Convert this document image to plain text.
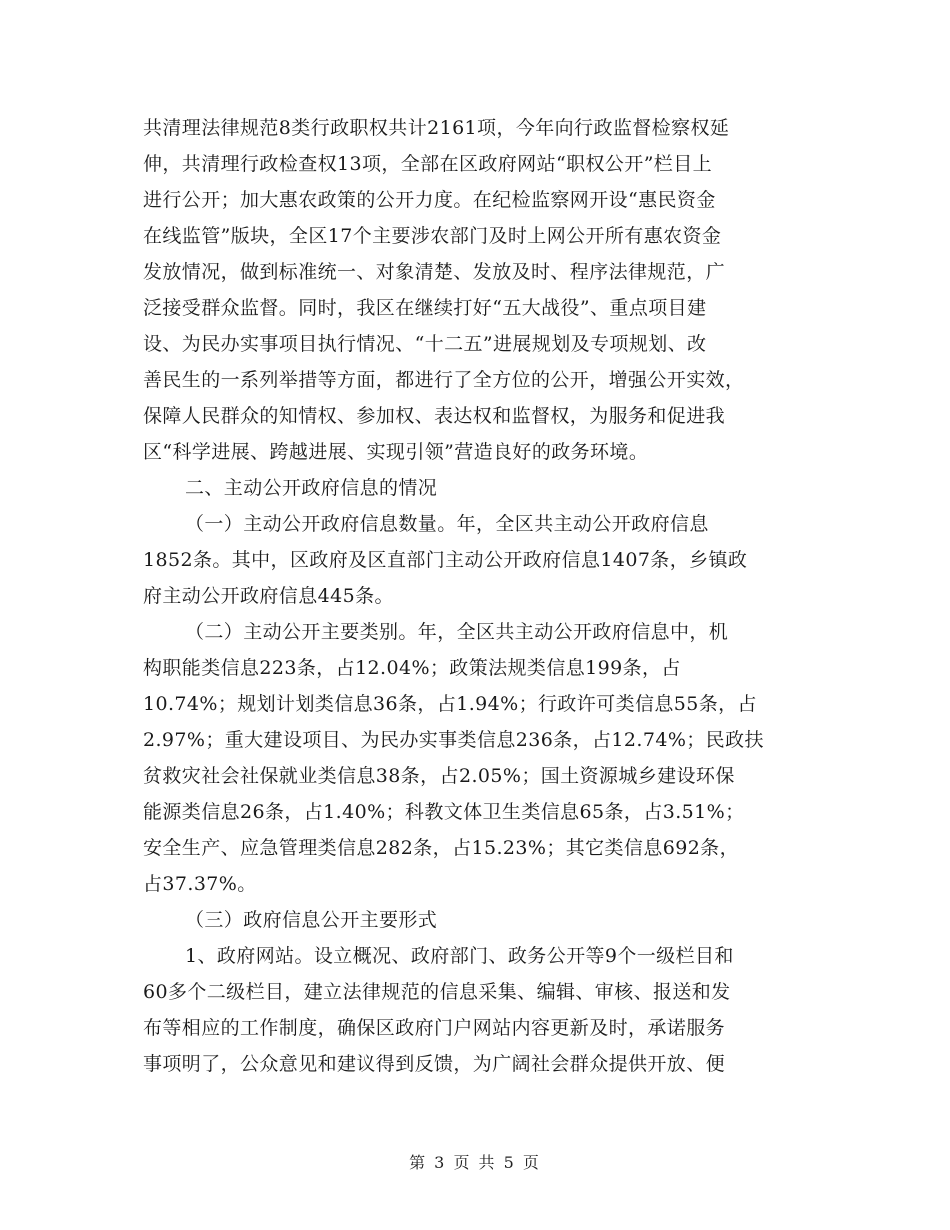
共清理法律规范8类行政职权共计2161项，今年向行政监督检察权延
伸，共清理行政检查权13项，全部在区政府网站“职权公开”栏目上
进行公开；加大惠农政策的公开力度。在纪检监察网开设“惠民资金
在线监管”版块，全区17个主要涉农部门及时上网公开所有惠农资金
发放情况，做到标准统一、对象清楚、发放及时、程序法律规范，广
泛接受群众监督。同时，我区在继续打好“五大战役”、重点项目建
设、为民办实事项目执行情况、“十二五”进展规划及专项规划、改
善民生的一系列举措等方面，都进行了全方位的公开，增强公开实效，
保障人民群众的知情权、参加权、表达权和监督权，为服务和促进我
区“科学进展、跨越进展、实现引领”营造良好的政务环境。
二、主动公开政府信息的情况
（一）主动公开政府信息数量。年，全区共主动公开政府信息
1852条。其中，区政府及区直部门主动公开政府信息1407条，乡镇政
府主动公开政府信息445条。
（二）主动公开主要类别。年，全区共主动公开政府信息中，机
构职能类信息223条，占12.04%；政策法规类信息199条，占
10.74%；规划计划类信息36条，占1.94%；行政许可类信息55条，占
2.97%；重大建设项目、为民办实事类信息236条，占12.74%；民政扶
贫救灾社会社保就业类信息38条，占2.05%；国土资源城乡建设环保
能源类信息26条，占1.40%；科教文体卫生类信息65条，占3.51%；
安全生产、应急管理类信息282条，占15.23%；其它类信息692条，
占37.37%。
（三）政府信息公开主要形式
1、政府网站。设立概况、政府部门、政务公开等9个一级栏目和
60多个二级栏目，建立法律规范的信息采集、编辑、审核、报送和发
布等相应的工作制度，确保区政府门户网站内容更新及时，承诺服务
事项明了，公众意见和建议得到反馈，为广阔社会群众提供开放、便
第 3 页 共 5 页
